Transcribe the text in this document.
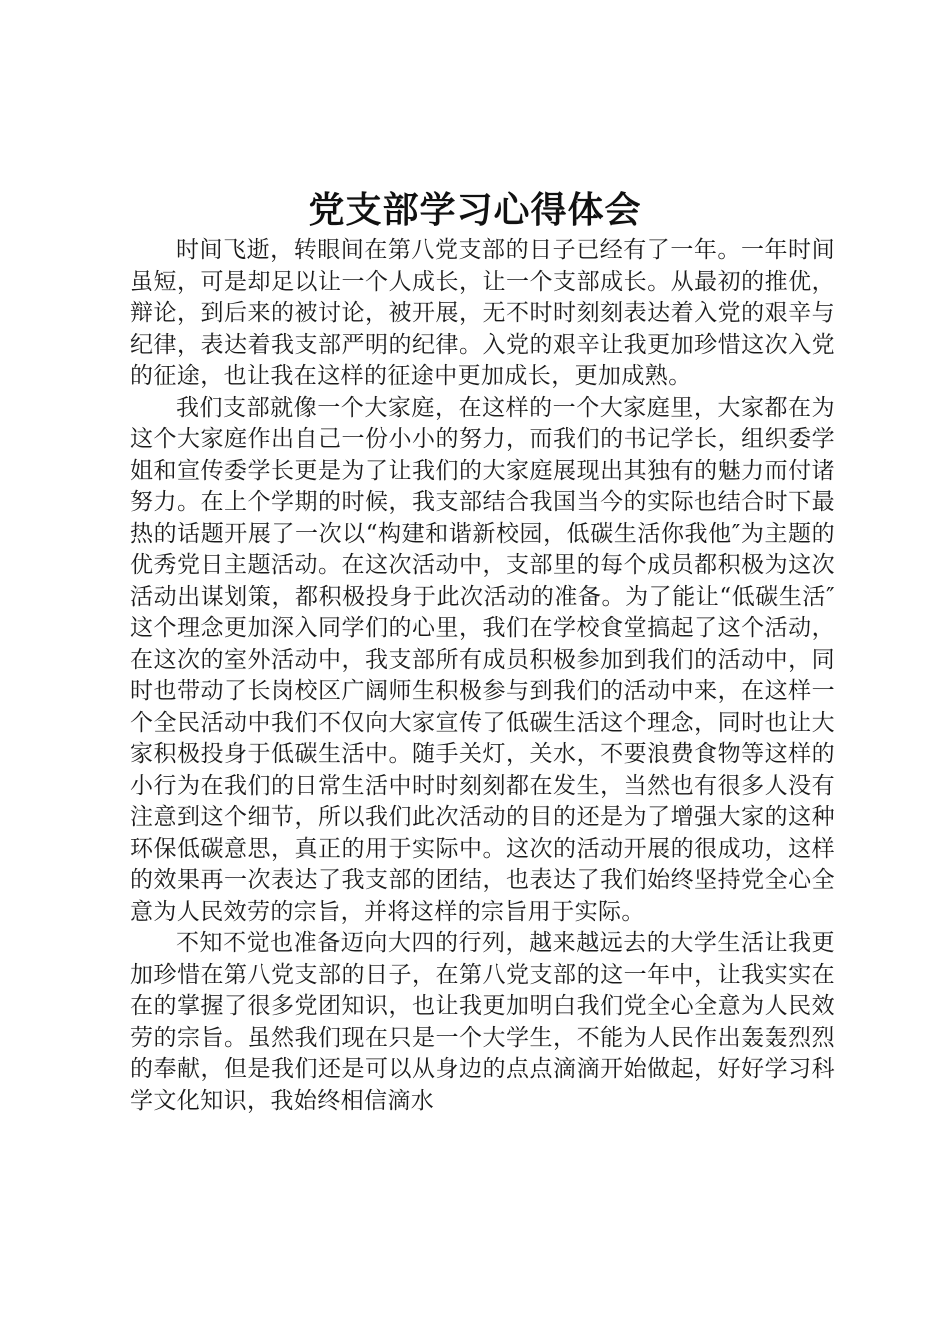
党支部学习心得体会

时间飞逝，转眼间在第八党支部的日子已经有了一年。一年时间虽短，可是却足以让一个人成长，让一个支部成长。从最初的推优，辩论，到后来的被讨论，被开展，无不时时刻刻表达着入党的艰辛与纪律，表达着我支部严明的纪律。入党的艰辛让我更加珍惜这次入党的征途，也让我在这样的征途中更加成长，更加成熟。

我们支部就像一个大家庭，在这样的一个大家庭里，大家都在为这个大家庭作出自己一份小小的努力，而我们的书记学长，组织委学姐和宣传委学长更是为了让我们的大家庭展现出其独有的魅力而付诸努力。在上个学期的时候，我支部结合我国当今的实际也结合时下最热的话题开展了一次以“构建和谐新校园，低碳生活你我他″为主题的优秀党日主题活动。在这次活动中，支部里的每个成员都积极为这次活动出谋划策，都积极投身于此次活动的准备。为了能让“低碳生活″这个理念更加深入同学们的心里，我们在学校食堂搞起了这个活动，在这次的室外活动中，我支部所有成员积极参加到我们的活动中，同时也带动了长岗校区广阔师生积极参与到我们的活动中来，在这样一个全民活动中我们不仅向大家宣传了低碳生活这个理念，同时也让大家积极投身于低碳生活中。随手关灯，关水，不要浪费食物等这样的小行为在我们的日常生活中时时刻刻都在发生，当然也有很多人没有注意到这个细节，所以我们此次活动的目的还是为了增强大家的这种环保低碳意思，真正的用于实际中。这次的活动开展的很成功，这样的效果再一次表达了我支部的团结，也表达了我们始终坚持党全心全意为人民效劳的宗旨，并将这样的宗旨用于实际。

不知不觉也准备迈向大四的行列，越来越远去的大学生活让我更加珍惜在第八党支部的日子，在第八党支部的这一年中，让我实实在在的掌握了很多党团知识，也让我更加明白我们党全心全意为人民效劳的宗旨。虽然我们现在只是一个大学生，不能为人民作出轰轰烈烈的奉献，但是我们还是可以从身边的点点滴滴开始做起，好好学习科学文化知识，我始终相信滴水
